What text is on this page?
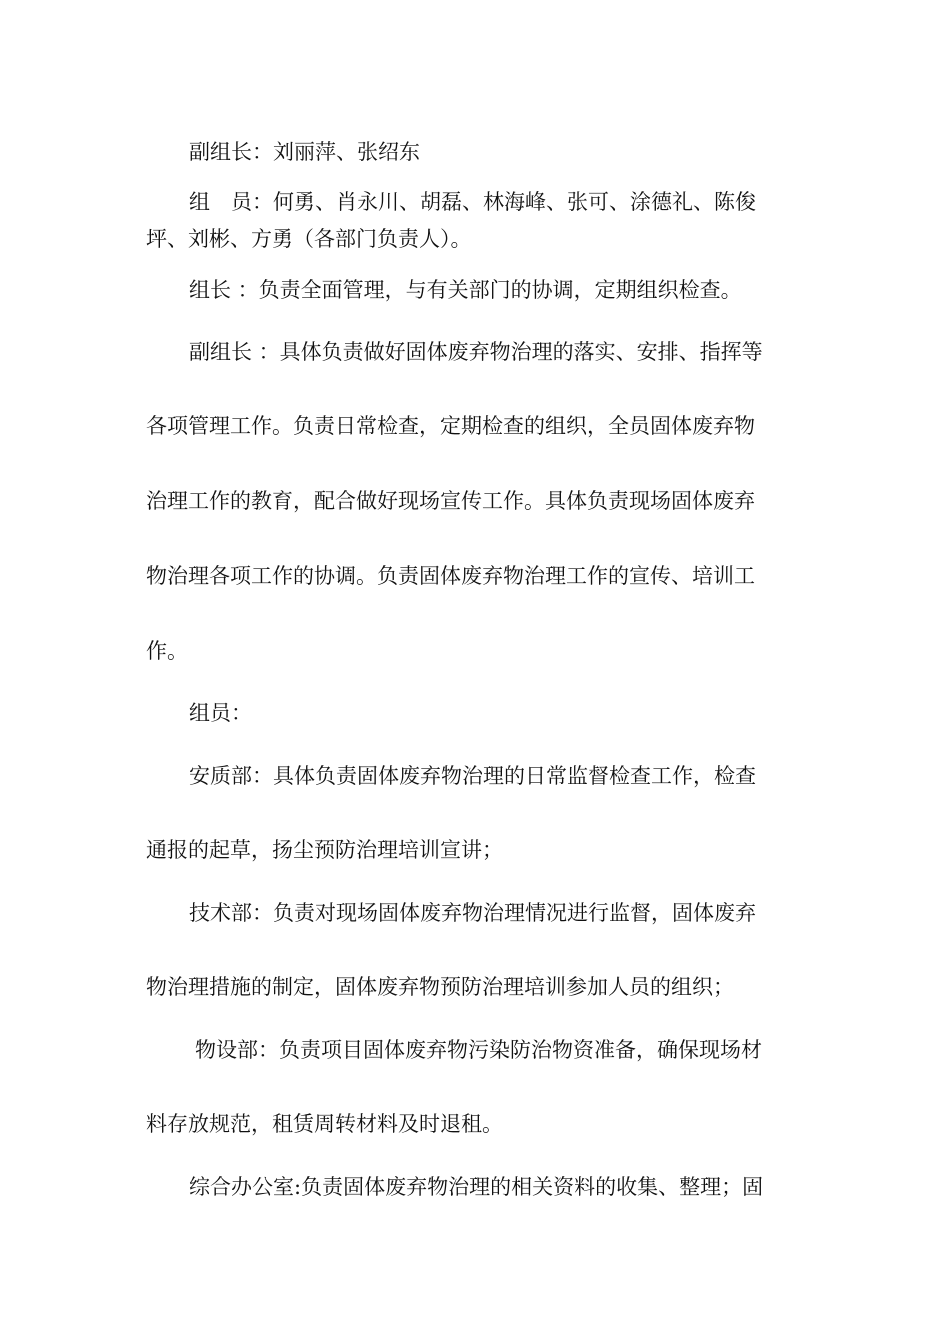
副组长：刘丽萍、张绍东
组　员：何勇、肖永川、胡磊、林海峰、张可、涂德礼、陈俊
坪、刘彬、方勇（各部门负责人）。
组长 ：负责全面管理，与有关部门的协调，定期组织检查。
副组长 ：具体负责做好固体废弃物治理的落实、安排、指挥等
各项管理工作。负责日常检查，定期检查的组织，全员固体废弃物
治理工作的教育，配合做好现场宣传工作。具体负责现场固体废弃
物治理各项工作的协调。负责固体废弃物治理工作的宣传、培训工
作。
组员：
安质部：具体负责固体废弃物治理的日常监督检查工作，检查
通报的起草，扬尘预防治理培训宣讲；
技术部：负责对现场固体废弃物治理情况进行监督，固体废弃
物治理措施的制定，固体废弃物预防治理培训参加人员的组织；
物设部：负责项目固体废弃物污染防治物资准备，确保现场材
料存放规范，租赁周转材料及时退租。
综合办公室:负责固体废弃物治理的相关资料的收集、整理；固
